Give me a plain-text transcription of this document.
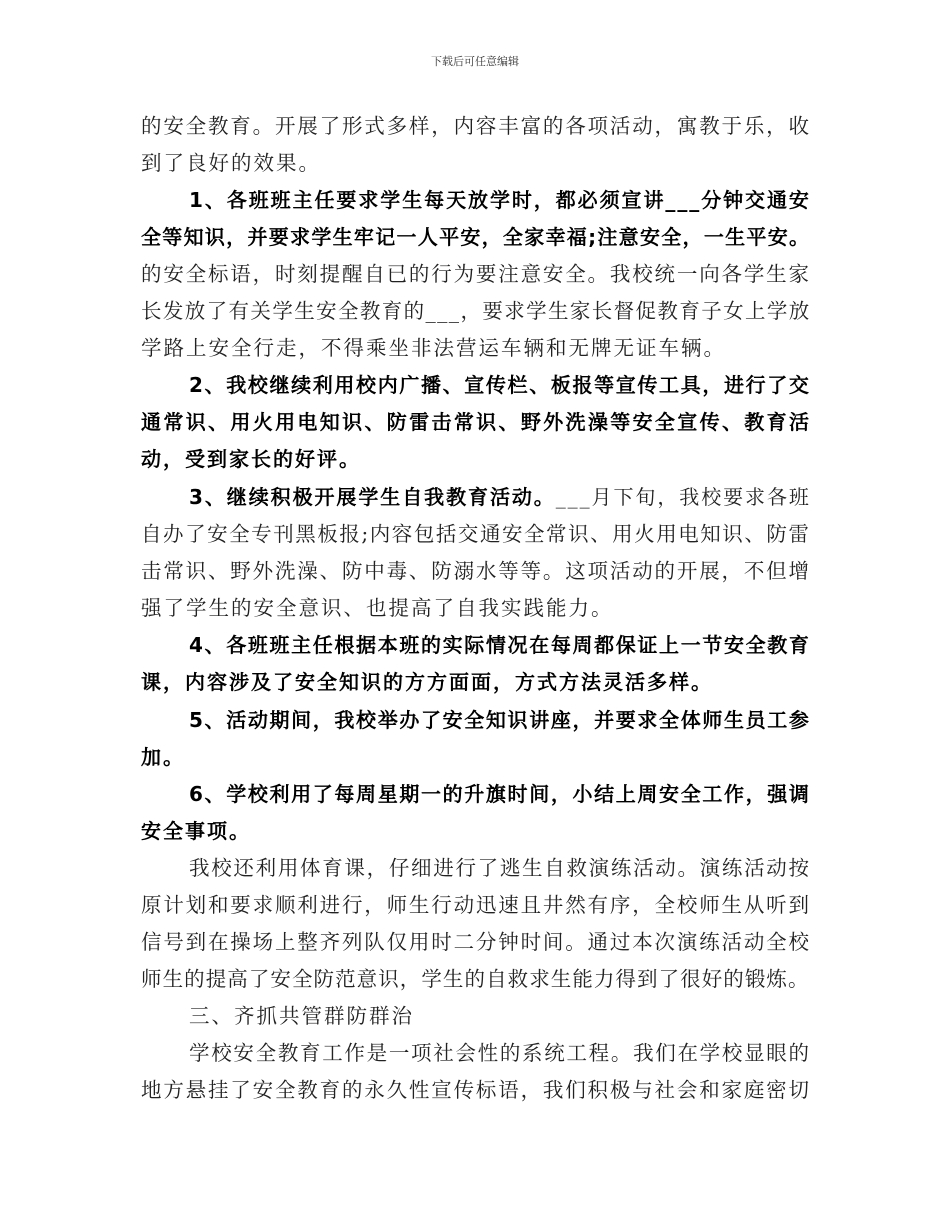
下载后可任意编辑
的安全教育。开展了形式多样，内容丰富的各项活动，寓教于乐，收
到了良好的效果。
1、各班班主任要求学生每天放学时，都必须宣讲___分钟交通安
全等知识，并要求学生牢记一人平安，全家幸福;注意安全，一生平安。
的安全标语，时刻提醒自已的行为要注意安全。我校统一向各学生家
长发放了有关学生安全教育的___，要求学生家长督促教育子女上学放
学路上安全行走，不得乘坐非法营运车辆和无牌无证车辆。
2、我校继续利用校内广播、宣传栏、板报等宣传工具，进行了交
通常识、用火用电知识、防雷击常识、野外洗澡等安全宣传、教育活
动，受到家长的好评。
3、继续积极开展学生自我教育活动。___月下旬，我校要求各班
自办了安全专刊黑板报;内容包括交通安全常识、用火用电知识、防雷
击常识、野外洗澡、防中毒、防溺水等等。这项活动的开展，不但增
强了学生的安全意识、也提高了自我实践能力。
4、各班班主任根据本班的实际情况在每周都保证上一节安全教育
课，内容涉及了安全知识的方方面面，方式方法灵活多样。
5、活动期间，我校举办了安全知识讲座，并要求全体师生员工参
加。
6、学校利用了每周星期一的升旗时间，小结上周安全工作，强调
安全事项。
我校还利用体育课，仔细进行了逃生自救演练活动。演练活动按
原计划和要求顺利进行，师生行动迅速且井然有序，全校师生从听到
信号到在操场上整齐列队仅用时二分钟时间。通过本次演练活动全校
师生的提高了安全防范意识，学生的自救求生能力得到了很好的锻炼。
三、齐抓共管群防群治
学校安全教育工作是一项社会性的系统工程。我们在学校显眼的
地方悬挂了安全教育的永久性宣传标语，我们积极与社会和家庭密切
